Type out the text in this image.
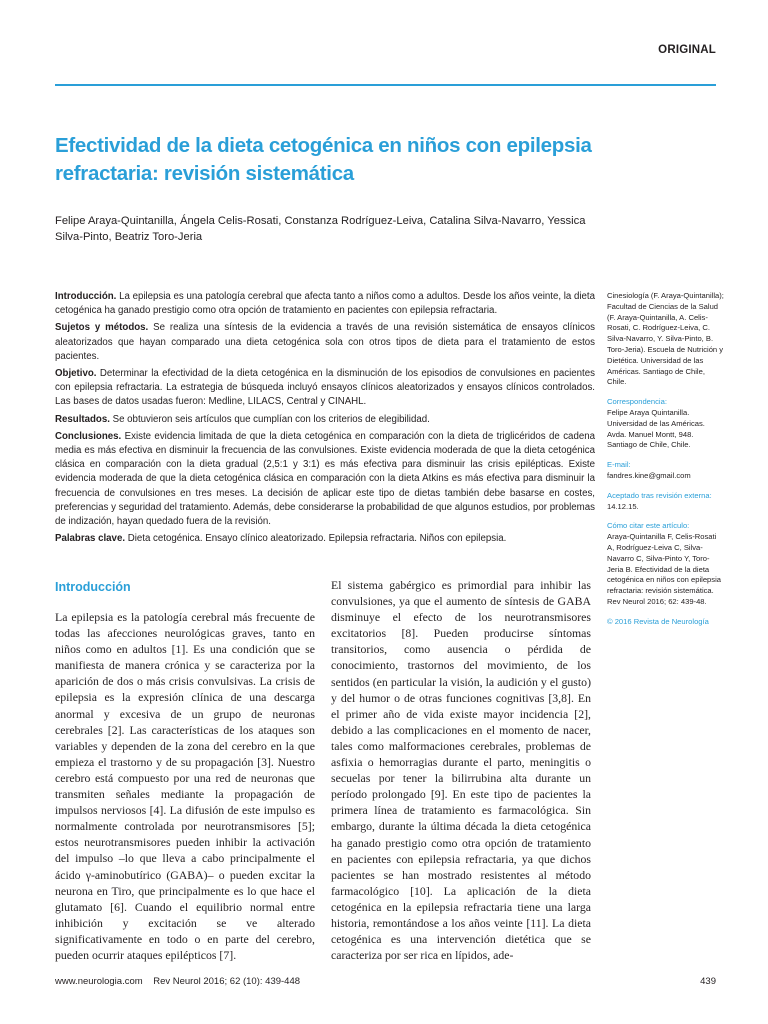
ORIGINAL
Efectividad de la dieta cetogénica en niños con epilepsia refractaria: revisión sistemática
Felipe Araya-Quintanilla, Ángela Celis-Rosati, Constanza Rodríguez-Leiva, Catalina Silva-Navarro, Yessica Silva-Pinto, Beatriz Toro-Jeria

Introducción. La epilepsia es una patología cerebral que afecta tanto a niños como a adultos. Desde los años veinte, la dieta cetogénica ha ganado prestigio como otra opción de tratamiento en pacientes con epilepsia refractaria.

Sujetos y métodos. Se realiza una síntesis de la evidencia a través de una revisión sistemática de ensayos clínicos aleatorizados que hayan comparado una dieta cetogénica sola con otros tipos de dieta para el tratamiento de estos pacientes.

Objetivo. Determinar la efectividad de la dieta cetogénica en la disminución de los episodios de convulsiones en pacientes con epilepsia refractaria. La estrategia de búsqueda incluyó ensayos clínicos aleatorizados y ensayos clínicos controlados. Las bases de datos usadas fueron: Medline, LILACS, Central y CINAHL.

Resultados. Se obtuvieron seis artículos que cumplían con los criterios de elegibilidad.

Conclusiones. Existe evidencia limitada de que la dieta cetogénica en comparación con la dieta de triglicéridos de cadena media es más efectiva en disminuir la frecuencia de las convulsiones. Existe evidencia moderada de que la dieta cetogénica clásica en comparación con la dieta gradual (2,5:1 y 3:1) es más efectiva para disminuir las crisis epilépticas. Existe evidencia moderada de que la dieta cetogénica clásica en comparación con la dieta Atkins es más efectiva para disminuir la frecuencia de convulsiones en tres meses. La decisión de aplicar este tipo de dietas también debe basarse en costes, preferencias y seguridad del tratamiento. Además, debe considerarse la probabilidad de que algunos estudios, por problemas de indización, hayan quedado fuera de la revisión.

Palabras clave. Dieta cetogénica. Ensayo clínico aleatorizado. Epilepsia refractaria. Niños con epilepsia.

Cinesiología (F. Araya-Quintanilla); Facultad de Ciencias de la Salud (F. Araya-Quintanilla, A. Celis-Rosati, C. Rodríguez-Leiva, C. Silva-Navarro, Y. Silva-Pinto, B. Toro-Jeria). Escuela de Nutrición y Dietética. Universidad de las Américas. Santiago de Chile, Chile.
Correspondencia:
Felipe Araya Quintanilla. Universidad de las Américas. Avda. Manuel Montt, 948. Santiago de Chile, Chile.
E-mail:
fandres.kine@gmail.com
Aceptado tras revisión externa:
14.12.15.
Cómo citar este artículo:
Araya-Quintanilla F, Celis-Rosati A, Rodríguez-Leiva C, Silva-Navarro C, Silva-Pinto Y, Toro-Jeria B. Efectividad de la dieta cetogénica en niños con epilepsia refractaria: revisión sistemática. Rev Neurol 2016; 62: 439-48.
© 2016 Revista de Neurología
Introducción

La epilepsia es la patología cerebral más frecuente de todas las afecciones neurológicas graves, tanto en niños como en adultos [1]. Es una condición que se manifiesta de manera crónica y se caracteriza por la aparición de dos o más crisis convulsivas. La crisis de epilepsia es la expresión clínica de una descarga anormal y excesiva de un grupo de neuronas cerebrales [2]. Las características de los ataques son variables y dependen de la zona del cerebro en la que empieza el trastorno y de su propagación [3]. Nuestro cerebro está compuesto por una red de neuronas que transmiten señales mediante la propagación de impulsos nerviosos [4]. La difusión de este impulso es normalmente controlada por neurotransmisores [5]; estos neurotransmisores pueden inhibir la activación del impulso –lo que lleva a cabo principalmente el ácido γ-aminobutírico (GABA)– o pueden excitar la neurona en Tiro, que principalmente es lo que hace el glutamato [6]. Cuando el equilibrio normal entre inhibición y excitación se ve alterado significativamente en todo o en parte del cerebro, pueden ocurrir ataques epilépticos [7].

El sistema gabérgico es primordial para inhibir las convulsiones, ya que el aumento de síntesis de GABA disminuye el efecto de los neurotransmisores excitatorios [8]. Pueden producirse síntomas transitorios, como ausencia o pérdida de conocimiento, trastornos del movimiento, de los sentidos (en particular la visión, la audición y el gusto) y del humor o de otras funciones cognitivas [3,8]. En el primer año de vida existe mayor incidencia [2], debido a las complicaciones en el momento de nacer, tales como malformaciones cerebrales, problemas de asfixia o hemorragias durante el parto, meningitis o secuelas por tener la bilirrubina alta durante un período prolongado [9]. En este tipo de pacientes la primera línea de tratamiento es farmacológica. Sin embargo, durante la última década la dieta cetogénica ha ganado prestigio como otra opción de tratamiento en pacientes con epilepsia refractaria, ya que dichos pacientes se han mostrado resistentes al método farmacológico [10]. La aplicación de la dieta cetogénica en la epilepsia refractaria tiene una larga historia, remontándose a los años veinte [11]. La dieta cetogénica es una intervención dietética que se caracteriza por ser rica en lípidos, ade-

www.neurologia.com    Rev Neurol 2016; 62 (10): 439-448	439
